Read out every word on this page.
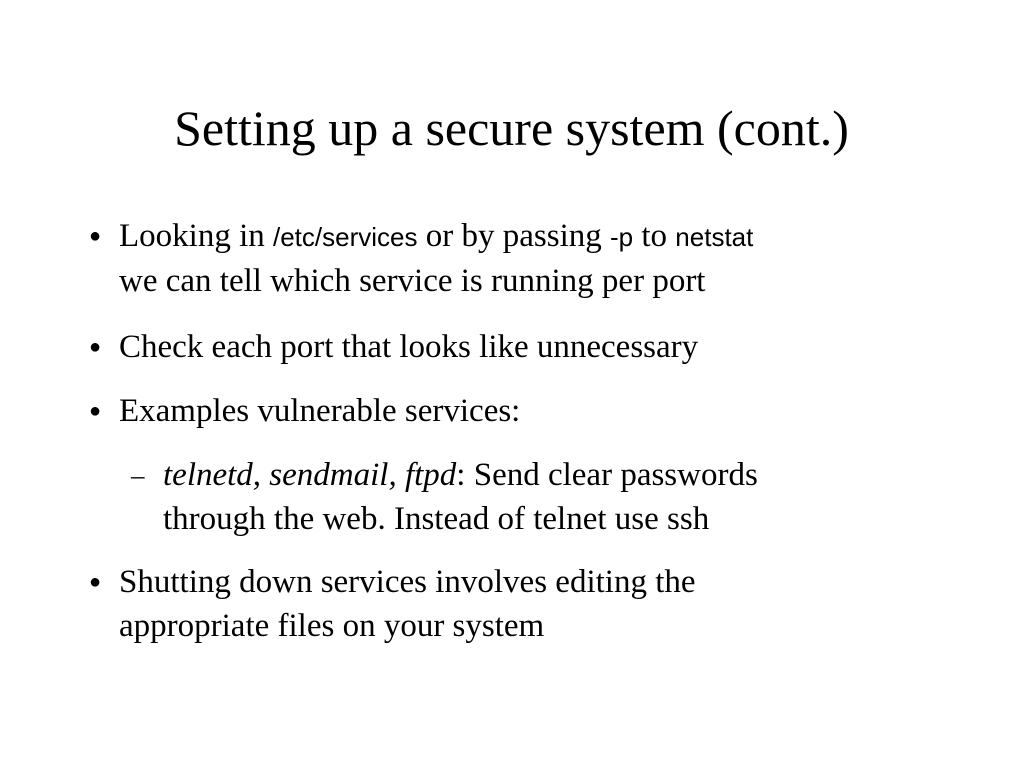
Setting up a secure system (cont.)
● Looking in /etc/services or by passing -p to netstat
we can tell which service is running per port
● Check each port that looks like unnecessary
● Examples vulnerable services:
– telnetd, sendmail, ftpd: Send clear passwords
through the web. Instead of telnet use ssh
● Shutting down services involves editing the
appropriate files on your system
